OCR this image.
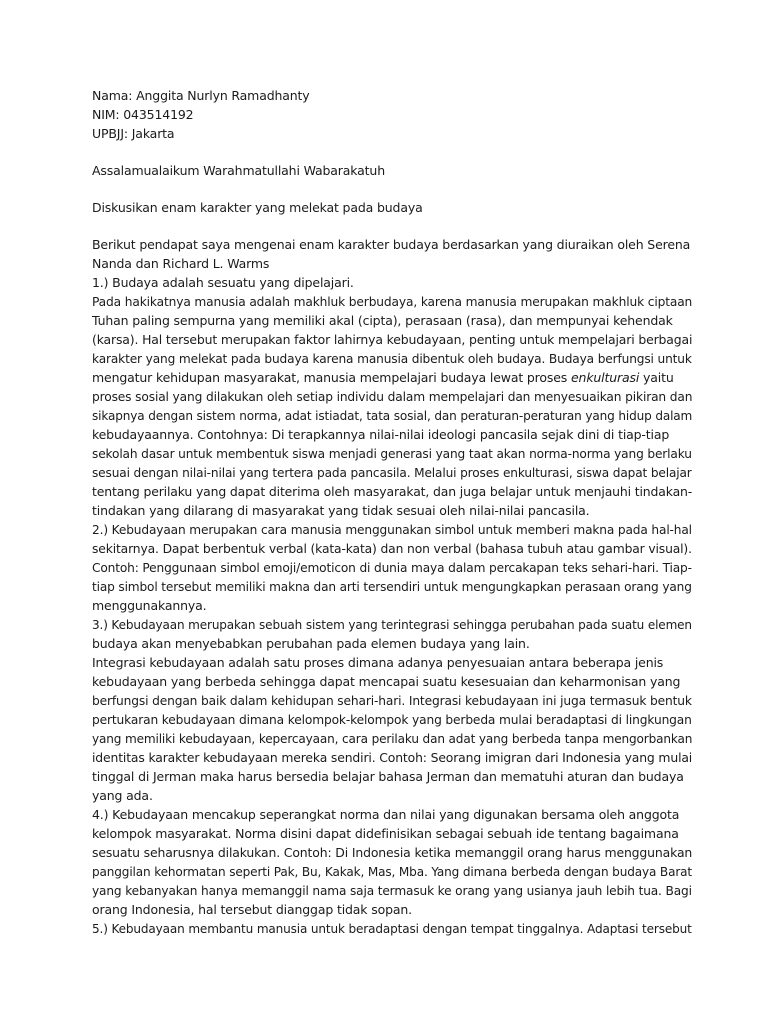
Nama: Anggita Nurlyn Ramadhanty
NIM: 043514192
UPBJJ: Jakarta
Assalamualaikum Warahmatullahi Wabarakatuh
Diskusikan enam karakter yang melekat pada budaya
Berikut pendapat saya mengenai enam karakter budaya berdasarkan yang diuraikan oleh Serena
Nanda dan Richard L. Warms
1.) Budaya adalah sesuatu yang dipelajari.
Pada hakikatnya manusia adalah makhluk berbudaya, karena manusia merupakan makhluk ciptaan
Tuhan paling sempurna yang memiliki akal (cipta), perasaan (rasa), dan mempunyai kehendak
(karsa). Hal tersebut merupakan faktor lahirnya kebudayaan, penting untuk mempelajari berbagai
karakter yang melekat pada budaya karena manusia dibentuk oleh budaya. Budaya berfungsi untuk
mengatur kehidupan masyarakat, manusia mempelajari budaya lewat proses enkulturasi yaitu
proses sosial yang dilakukan oleh setiap individu dalam mempelajari dan menyesuaikan pikiran dan
sikapnya dengan sistem norma, adat istiadat, tata sosial, dan peraturan-peraturan yang hidup dalam
kebudayaannya. Contohnya: Di terapkannya nilai-nilai ideologi pancasila sejak dini di tiap-tiap
sekolah dasar untuk membentuk siswa menjadi generasi yang taat akan norma-norma yang berlaku
sesuai dengan nilai-nilai yang tertera pada pancasila. Melalui proses enkulturasi, siswa dapat belajar
tentang perilaku yang dapat diterima oleh masyarakat, dan juga belajar untuk menjauhi tindakan-
tindakan yang dilarang di masyarakat yang tidak sesuai oleh nilai-nilai pancasila.
2.) Kebudayaan merupakan cara manusia menggunakan simbol untuk memberi makna pada hal-hal
sekitarnya. Dapat berbentuk verbal (kata-kata) dan non verbal (bahasa tubuh atau gambar visual).
Contoh: Penggunaan simbol emoji/emoticon di dunia maya dalam percakapan teks sehari-hari. Tiap-
tiap simbol tersebut memiliki makna dan arti tersendiri untuk mengungkapkan perasaan orang yang
menggunakannya.
3.) Kebudayaan merupakan sebuah sistem yang terintegrasi sehingga perubahan pada suatu elemen
budaya akan menyebabkan perubahan pada elemen budaya yang lain.
Integrasi kebudayaan adalah satu proses dimana adanya penyesuaian antara beberapa jenis
kebudayaan yang berbeda sehingga dapat mencapai suatu kesesuaian dan keharmonisan yang
berfungsi dengan baik dalam kehidupan sehari-hari. Integrasi kebudayaan ini juga termasuk bentuk
pertukaran kebudayaan dimana kelompok-kelompok yang berbeda mulai beradaptasi di lingkungan
yang memiliki kebudayaan, kepercayaan, cara perilaku dan adat yang berbeda tanpa mengorbankan
identitas karakter kebudayaan mereka sendiri. Contoh: Seorang imigran dari Indonesia yang mulai
tinggal di Jerman maka harus bersedia belajar bahasa Jerman dan mematuhi aturan dan budaya
yang ada.
4.) Kebudayaan mencakup seperangkat norma dan nilai yang digunakan bersama oleh anggota
kelompok masyarakat. Norma disini dapat didefinisikan sebagai sebuah ide tentang bagaimana
sesuatu seharusnya dilakukan. Contoh: Di Indonesia ketika memanggil orang harus menggunakan
panggilan kehormatan seperti Pak, Bu, Kakak, Mas, Mba. Yang dimana berbeda dengan budaya Barat
yang kebanyakan hanya memanggil nama saja termasuk ke orang yang usianya jauh lebih tua. Bagi
orang Indonesia, hal tersebut dianggap tidak sopan.
5.) Kebudayaan membantu manusia untuk beradaptasi dengan tempat tinggalnya. Adaptasi tersebut
